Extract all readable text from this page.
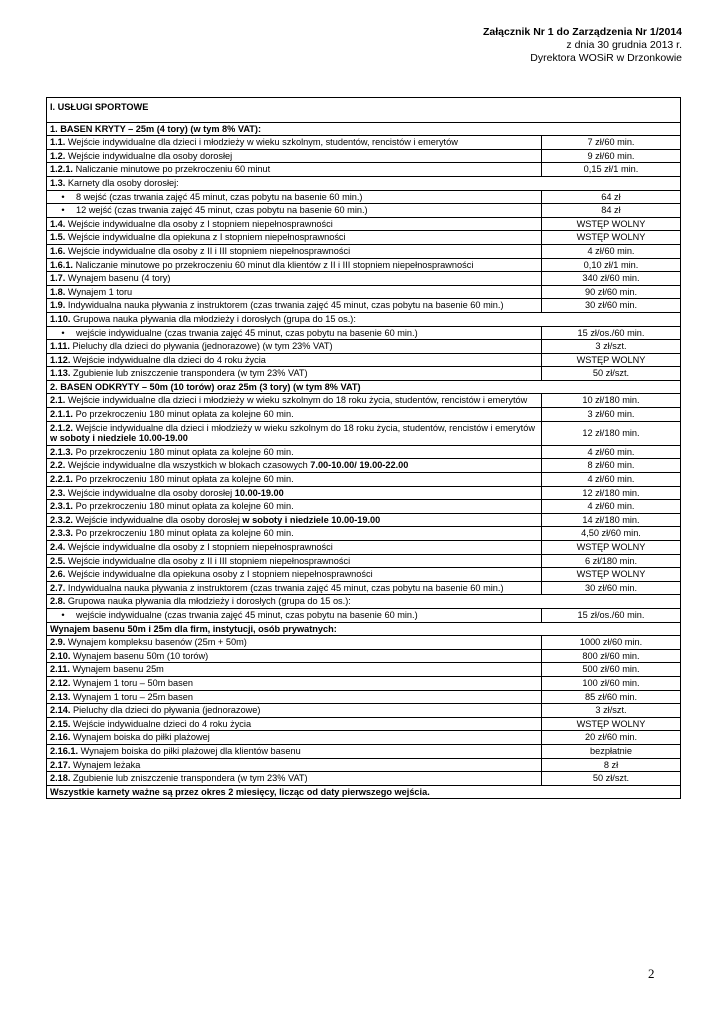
Załącznik Nr 1 do Zarządzenia Nr 1/2014
z dnia 30 grudnia 2013 r.
Dyrektora WOSiR w Drzonkowie
I. USŁUGI SPORTOWE	
1. BASEN KRYTY – 25m (4 tory) (w tym 8% VAT):	
1.1. Wejście indywidualne dla dzieci i młodzieży w wieku szkolnym, studentów, rencistów i emerytów	7 zł/60 min.
1.2. Wejście indywidualne dla osoby dorosłej	9 zł/60 min.
1.2.1. Naliczanie minutowe po przekroczeniu 60 minut	0,15 zł/1 min.
1.3. Karnety dla osoby dorosłej:	
• 8 wejść (czas trwania zajęć 45 minut, czas pobytu na basenie 60 min.)	64 zł
• 12 wejść (czas trwania zajęć 45 minut, czas pobytu na basenie 60 min.)	84 zł
1.4. Wejście indywidualne dla osoby z I stopniem niepełnosprawności	WSTĘP WOLNY
1.5. Wejście indywidualne dla opiekuna z I stopniem niepełnosprawności	WSTĘP WOLNY
1.6. Wejście indywidualne dla osoby z II i III stopniem niepełnosprawności	4 zł/60 min.
1.6.1. Naliczanie minutowe po przekroczeniu 60 minut dla klientów z II i III stopniem niepełnosprawności	0,10 zł/1 min.
1.7. Wynajem basenu (4 tory)	340 zł/60 min.
1.8. Wynajem 1 toru	90 zł/60 min.
1.9. Indywidualna nauka pływania z instruktorem (czas trwania zajęć 45 minut, czas pobytu na basenie 60 min.)	30 zł/60 min.
1.10. Grupowa nauka pływania dla młodzieży i dorosłych (grupa do 15 os.):	
• wejście indywidualne (czas trwania zajęć 45 minut, czas pobytu na basenie 60 min.)	15 zł/os./60 min.
1.11. Pieluchy dla dzieci do pływania (jednorazowe) (w tym 23% VAT)	3 zł/szt.
1.12. Wejście indywidualne dla dzieci do 4 roku życia	WSTĘP WOLNY
1.13. Zgubienie lub zniszczenie transpondera (w tym 23% VAT)	50 zł/szt.
2. BASEN ODKRYTY – 50m (10 torów) oraz 25m (3 tory) (w tym 8% VAT)	
2.1. Wejście indywidualne dla dzieci i młodzieży w wieku szkolnym do 18 roku życia, studentów, rencistów i emerytów	10 zł/180 min.
2.1.1. Po przekroczeniu 180 minut opłata za kolejne 60 min.	3 zł/60 min.
2.1.2. Wejście indywidualne dla dzieci i młodzieży w wieku szkolnym do 18 roku życia, studentów, rencistów i emerytów w soboty i niedziele 10.00-19.00	12 zł/180 min.
2.1.3. Po przekroczeniu 180 minut opłata za kolejne 60 min.	4 zł/60 min.
2.2. Wejście indywidualne dla wszystkich w blokach czasowych 7.00-10.00/ 19.00-22.00	8 zł/60 min.
2.2.1. Po przekroczeniu 180 minut opłata za kolejne 60 min.	4 zł/60 min.
2.3. Wejście indywidualne dla osoby dorosłej 10.00-19.00	12 zł/180 min.
2.3.1. Po przekroczeniu 180 minut opłata za kolejne 60 min.	4 zł/60 min.
2.3.2. Wejście indywidualne dla osoby dorosłej w soboty i niedziele 10.00-19.00	14 zł/180 min.
2.3.3. Po przekroczeniu 180 minut opłata za kolejne 60 min.	4,50 zł/60 min.
2.4. Wejście indywidualne dla osoby z I stopniem niepełnosprawności	WSTĘP WOLNY
2.5. Wejście indywidualne dla osoby z II i III stopniem niepełnosprawności	6 zł/180 min.
2.6. Wejście indywidualne dla opiekuna osoby z I stopniem niepełnosprawności	WSTĘP WOLNY
2.7. Indywidualna nauka pływania z instruktorem (czas trwania zajęć 45 minut, czas pobytu na basenie 60 min.)	30 zł/60 min.
2.8. Grupowa nauka pływania dla młodzieży i dorosłych (grupa do 15 os.):	
• wejście indywidualne (czas trwania zajęć 45 minut, czas pobytu na basenie 60 min.)	15 zł/os./60 min.
Wynajem basenu 50m i 25m dla firm, instytucji, osób prywatnych:	
2.9. Wynajem kompleksu basenów (25m + 50m)	1000 zł/60 min.
2.10. Wynajem basenu 50m (10 torów)	800 zł/60 min.
2.11. Wynajem basenu 25m	500 zł/60 min.
2.12. Wynajem 1 toru – 50m basen	100 zł/60 min.
2.13. Wynajem 1 toru – 25m basen	85 zł/60 min.
2.14. Pieluchy dla dzieci do pływania (jednorazowe)	3 zł/szt.
2.15. Wejście indywidualne dzieci do 4 roku życia	WSTĘP WOLNY
2.16. Wynajem boiska do piłki plażowej	20 zł/60 min.
2.16.1. Wynajem boiska do piłki plażowej dla klientów basenu	bezpłatnie
2.17. Wynajem leżaka	8 zł
2.18. Zgubienie lub zniszczenie transpondera (w tym 23% VAT)	50 zł/szt.
Wszystkie karnety ważne są przez okres 2 miesięcy, licząc od daty pierwszego wejścia.	
2
